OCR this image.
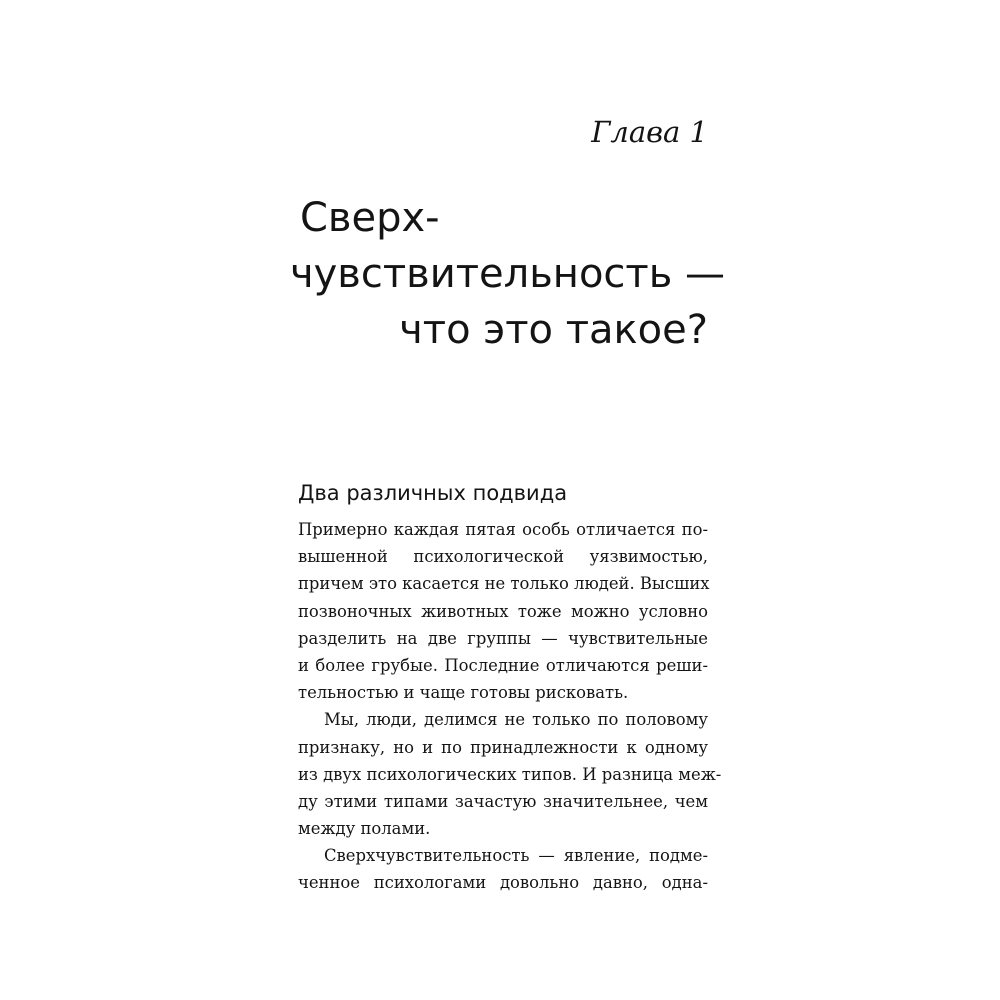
Глава 1
Сверх-
чувствительность —
что это такое?
Два различных подвида
Примерно каждая пятая особь отличается по-
вышенной психологической уязвимостью,
причем это касается не только людей. Высших
позвоночных животных тоже можно условно
разделить на две группы — чувствительные
и более грубые. Последние отличаются реши-
тельностью и чаще готовы рисковать.
Мы, люди, делимся не только по половому
признаку, но и по принадлежности к одному
из двух психологических типов. И разница меж-
ду этими типами зачастую значительнее, чем
между полами.
Сверхчувствительность — явление, подме-
ченное психологами довольно давно, одна-
